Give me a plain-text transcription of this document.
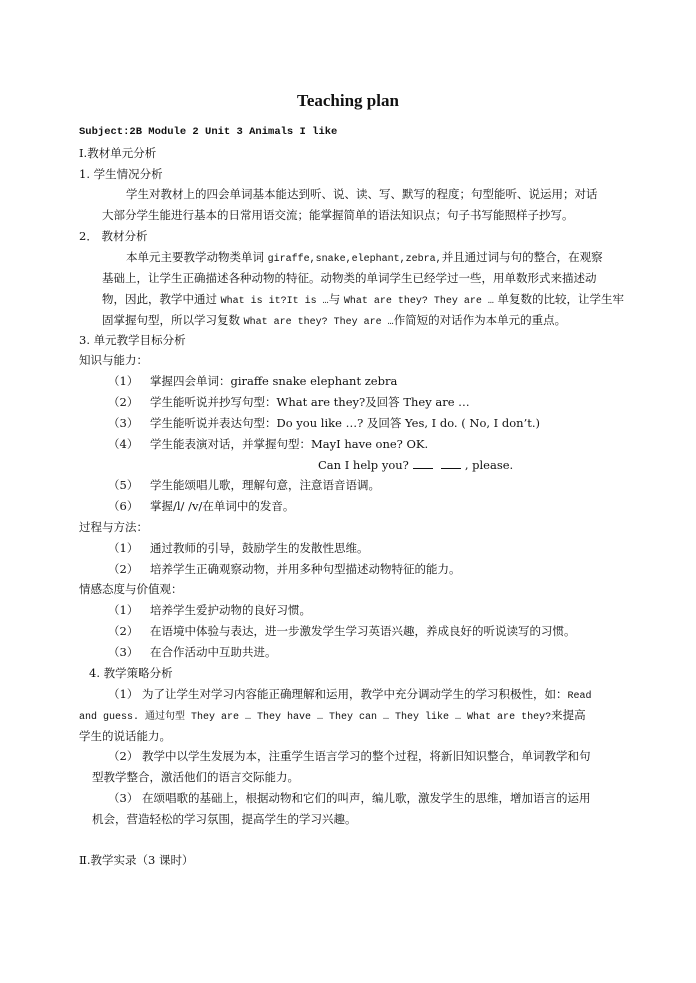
Teaching plan
Subject:2B Module 2 Unit 3 Animals I like
Ⅰ.教材单元分析
1. 学生情况分析
学生对教材上的四会单词基本能达到听、说、读、写、默写的程度；句型能听、说运用；对话
大部分学生能进行基本的日常用语交流；能掌握简单的语法知识点；句子书写能照样子抄写。
2． 教材分析
本单元主要教学动物类单词 giraffe,snake,elephant,zebra,并且通过词与句的整合，在观察
基础上，让学生正确描述各种动物的特征。动物类的单词学生已经学过一些，用单数形式来描述动
物，因此，教学中通过 What is it?It is …与 What are they? They are … 单复数的比较，让学生牢
固掌握句型，所以学习复数 What are they? They are …作简短的对话作为本单元的重点。
3. 单元教学目标分析
知识与能力：
（1） 掌握四会单词：giraffe snake elephant zebra
（2） 学生能听说并抄写句型：What are they?及回答 They are …
（3） 学生能听说并表达句型：Do you like …? 及回答 Yes, I do. ( No, I don’t.)
（4） 学生能表演对话，并掌握句型：MayI have one? OK.
Can I help you?	, please.
（5） 学生能颂唱儿歌，理解句意，注意语音语调。
（6） 掌握/l/ /v/在单词中的发音。
过程与方法：
（1） 通过教师的引导，鼓励学生的发散性思维。
（2） 培养学生正确观察动物，并用多种句型描述动物特征的能力。
情感态度与价值观：
（1） 培养学生爱护动物的良好习惯。
（2） 在语境中体验与表达，进一步激发学生学习英语兴趣，养成良好的听说读写的习惯。
（3） 在合作活动中互助共进。
4. 教学策略分析
（1） 为了让学生对学习内容能正确理解和运用，教学中充分调动学生的学习积极性，如：Read
and guess. 通过句型 They are … They have … They can … They like … What are they?来提高
学生的说话能力。
（2） 教学中以学生发展为本，注重学生语言学习的整个过程，将新旧知识整合，单词教学和句
型教学整合，激活他们的语言交际能力。
（3） 在颂唱歌的基础上，根据动物和它们的叫声，编儿歌，激发学生的思维，增加语言的运用
机会，营造轻松的学习氛围，提高学生的学习兴趣。
Ⅱ.教学实录（3 课时）
